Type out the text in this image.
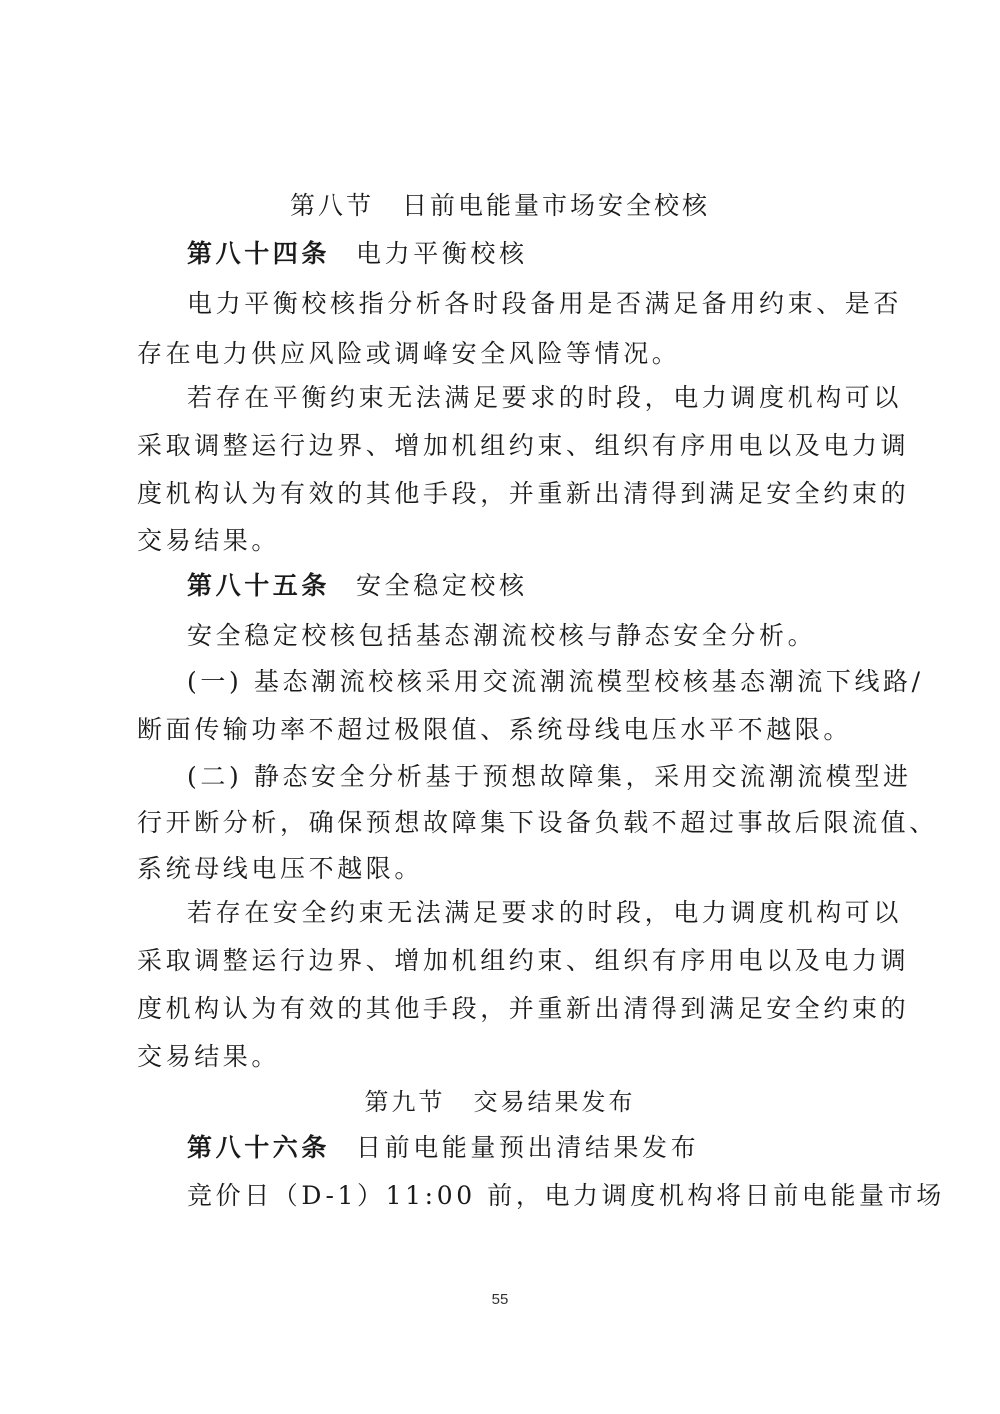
第八节 日前电能量市场安全校核
第八十四条 电力平衡校核
电力平衡校核指分析各时段备用是否满足备用约束、是否
存在电力供应风险或调峰安全风险等情况。
若存在平衡约束无法满足要求的时段，电力调度机构可以
采取调整运行边界、增加机组约束、组织有序用电以及电力调
度机构认为有效的其他手段，并重新出清得到满足安全约束的
交易结果。
第八十五条 安全稳定校核
安全稳定校核包括基态潮流校核与静态安全分析。
(一) 基态潮流校核采用交流潮流模型校核基态潮流下线路/
断面传输功率不超过极限值、系统母线电压水平不越限。
(二) 静态安全分析基于预想故障集，采用交流潮流模型进
行开断分析，确保预想故障集下设备负载不超过事故后限流值、
系统母线电压不越限。
若存在安全约束无法满足要求的时段，电力调度机构可以
采取调整运行边界、增加机组约束、组织有序用电以及电力调
度机构认为有效的其他手段，并重新出清得到满足安全约束的
交易结果。
第九节 交易结果发布
第八十六条 日前电能量预出清结果发布
竞价日（D-1）11:00 前，电力调度机构将日前电能量市场
55
